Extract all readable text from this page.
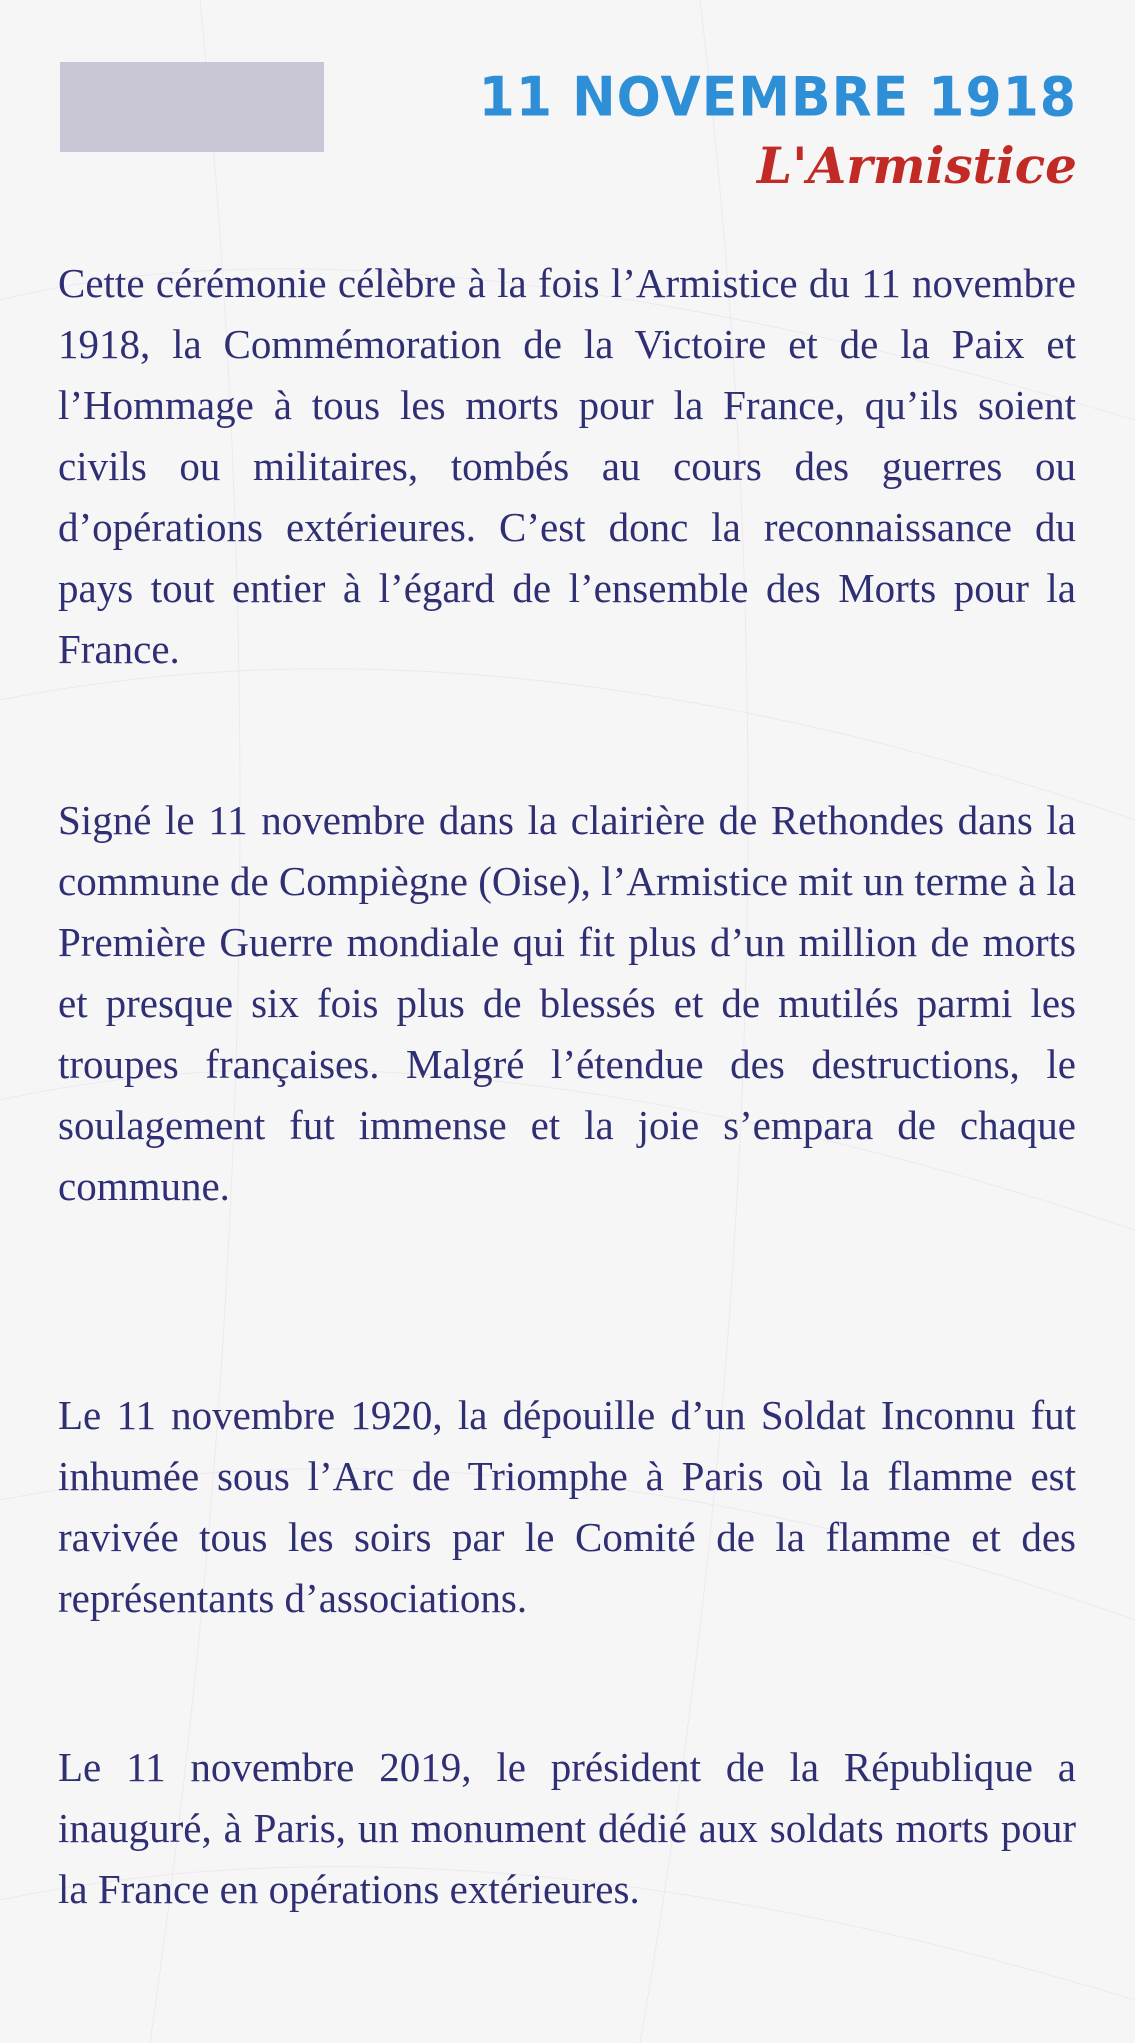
11 NOVEMBRE 1918
L'Armistice

Cette cérémonie célèbre à la fois l’Armistice du 11 novembre 1918, la Commémoration de la Victoire et de la Paix et l’Hommage à tous les morts pour la France, qu’ils soient civils ou militaires, tombés au cours des guerres ou d’opérations extérieures. C’est donc la reconnaissance du pays tout entier à l’égard de l’ensemble des Morts pour la France.

Signé le 11 novembre dans la clairière de Rethondes dans la commune de Compiègne (Oise), l’Armistice mit un terme à la Première Guerre mondiale qui fit plus d’un million de morts et presque six fois plus de blessés et de mutilés parmi les troupes françaises. Malgré l’étendue des destructions, le soulagement fut immense et la joie s’empara de chaque commune.

Le 11 novembre 1920, la dépouille d’un Soldat Inconnu fut inhumée sous l’Arc de Triomphe à Paris où la flamme est ravivée tous les soirs par le Comité de la flamme et des représentants d’associations.

Le 11 novembre 2019, le président de la République a inauguré, à Paris, un monument dédié aux soldats morts pour la France en opérations extérieures.
